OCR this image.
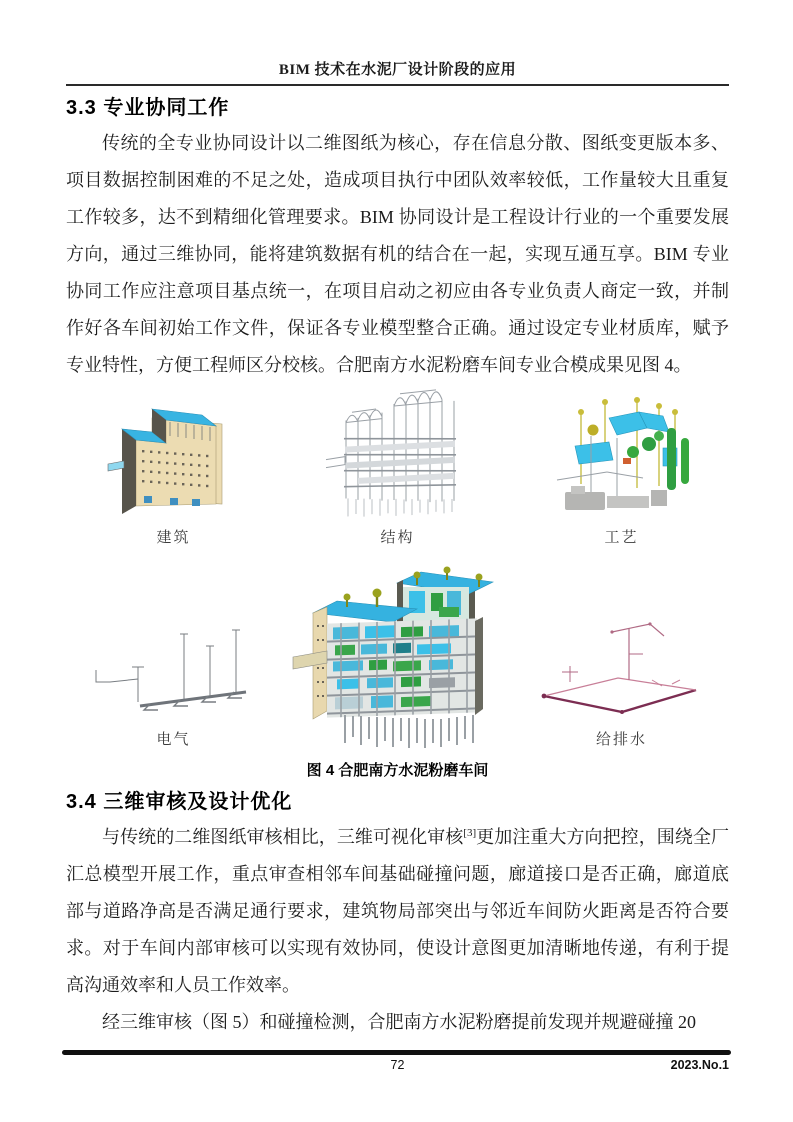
BIM 技术在水泥厂设计阶段的应用
3.3 专业协同工作

传统的全专业协同设计以二维图纸为核心，存在信息分散、图纸变更版本多、项目数据控制困难的不足之处，造成项目执行中团队效率较低，工作量较大且重复工作较多，达不到精细化管理要求。BIM 协同设计是工程设计行业的一个重要发展方向，通过三维协同，能将建筑数据有机的结合在一起，实现互通互享。BIM 专业协同工作应注意项目基点统一，在项目启动之初应由各专业负责人商定一致，并制作好各车间初始工作文件，保证各专业模型整合正确。通过设定专业材质库，赋予专业特性，方便工程师区分校核。合肥南方水泥粉磨车间专业合模成果见图 4。

建筑	结构	工艺
电气	给排水
图 4 合肥南方水泥粉磨车间
3.4 三维审核及设计优化

与传统的二维图纸审核相比，三维可视化审核[3]更加注重大方向把控，围绕全厂汇总模型开展工作，重点审查相邻车间基础碰撞问题，廊道接口是否正确，廊道底部与道路净高是否满足通行要求，建筑物局部突出与邻近车间防火距离是否符合要求。对于车间内部审核可以实现有效协同，使设计意图更加清晰地传递，有利于提高沟通效率和人员工作效率。

经三维审核（图 5）和碰撞检测，合肥南方水泥粉磨提前发现并规避碰撞 20

72	2023.No.1
